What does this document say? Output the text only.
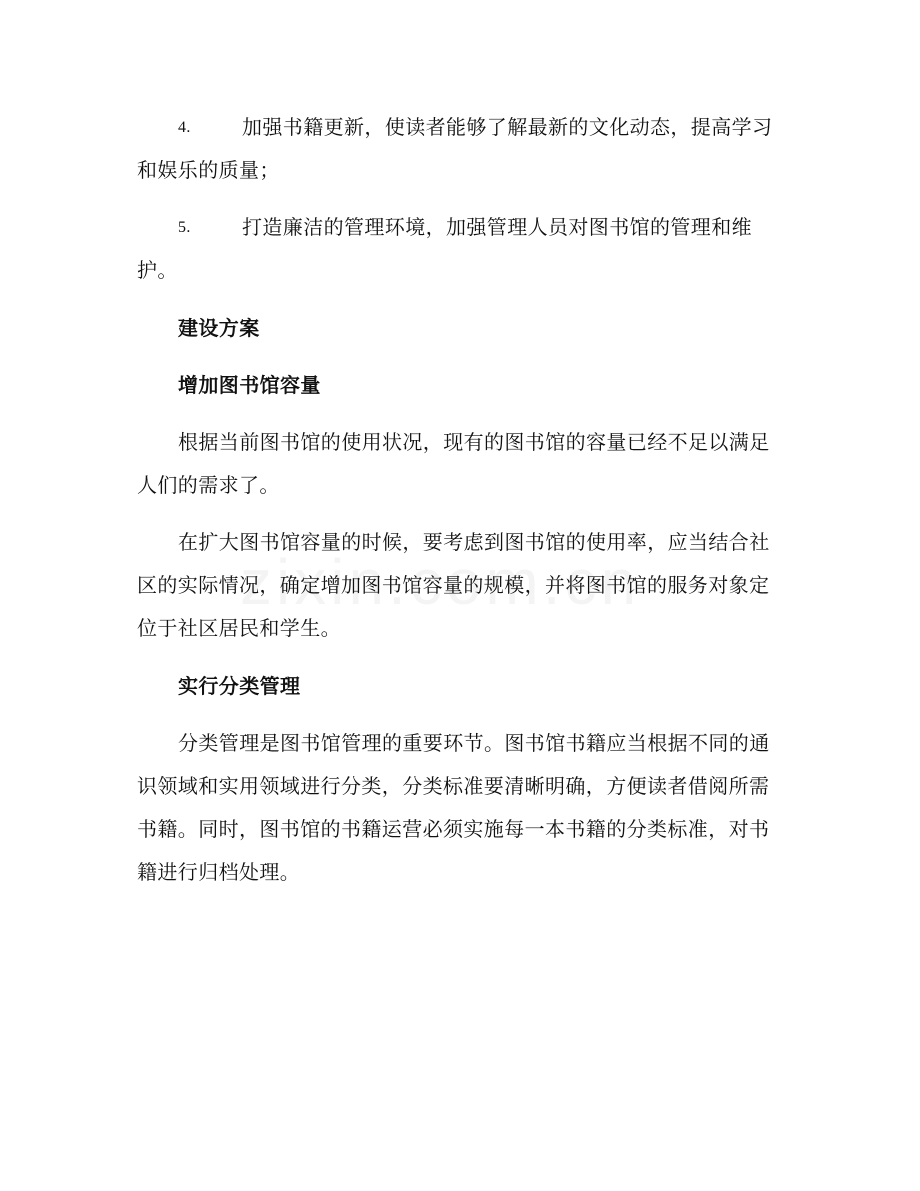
4.	加强书籍更新，使读者能够了解最新的文化动态，提高学习和娱乐的质量；
5.	打造廉洁的管理环境，加强管理人员对图书馆的管理和维护。
建设方案
增加图书馆容量
根据当前图书馆的使用状况，现有的图书馆的容量已经不足以满足人们的需求了。
在扩大图书馆容量的时候，要考虑到图书馆的使用率，应当结合社区的实际情况，确定增加图书馆容量的规模，并将图书馆的服务对象定位于社区居民和学生。
实行分类管理
分类管理是图书馆管理的重要环节。图书馆书籍应当根据不同的通识领域和实用领域进行分类，分类标准要清晰明确，方便读者借阅所需书籍。同时，图书馆的书籍运营必须实施每一本书籍的分类标准，对书籍进行归档处理。
